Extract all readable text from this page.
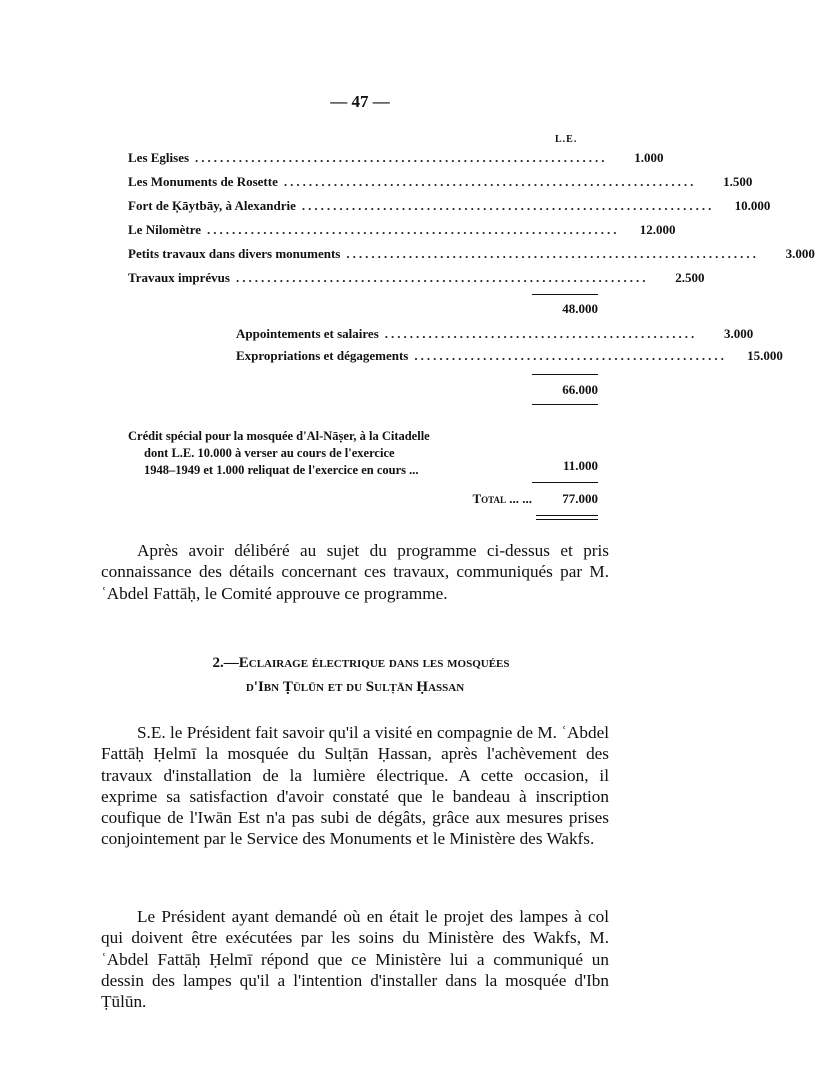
— 47 —
L.E.
Les Eglises ..................................................................	1.000
Les Monuments de Rosette ..................................................................	1.500
Fort de Ķāytbāy, à Alexandrie ..................................................................	10.000
Le Nilomètre ..................................................................	12.000
Petits travaux dans divers monuments ..................................................................	3.000
Travaux imprévus ..................................................................	2.500
48.000
Appointements et salaires ..................................................	3.000
Expropriations et dégagements ..................................................	15.000
66.000
Crédit spécial pour la mosquée d'Al-Nāṣer, à la Citadelle
dont L.E. 10.000 à verser au cours de l'exercice
1948–1949 et 1.000 reliquat de l'exercice en cours ...	11.000
Total ... ...	77.000
Après avoir délibéré au sujet du programme ci-dessus et pris connaissance des détails concernant ces travaux, communiqués par M. ʿAbdel Fattāḥ, le Comité approuve ce programme.
2.—Eclairage électrique dans les mosquées
d'Ibn Ṭūlūn et du Sulṭān Ḥassan
S.E. le Président fait savoir qu'il a visité en compagnie de M. ʿAbdel Fattāḥ Ḥelmī la mosquée du Sulṭān Ḥassan, après l'achèvement des travaux d'installation de la lumière électrique. A cette occasion, il exprime sa satisfaction d'avoir constaté que le bandeau à inscription coufique de l'Iwān Est n'a pas subi de dégâts, grâce aux mesures prises conjointement par le Service des Monuments et le Ministère des Wakfs.
Le Président ayant demandé où en était le projet des lampes à col qui doivent être exécutées par les soins du Ministère des Wakfs, M. ʿAbdel Fattāḥ Ḥelmī répond que ce Ministère lui a communiqué un dessin des lampes qu'il a l'intention d'installer dans la mosquée d'Ibn Ṭūlūn.
